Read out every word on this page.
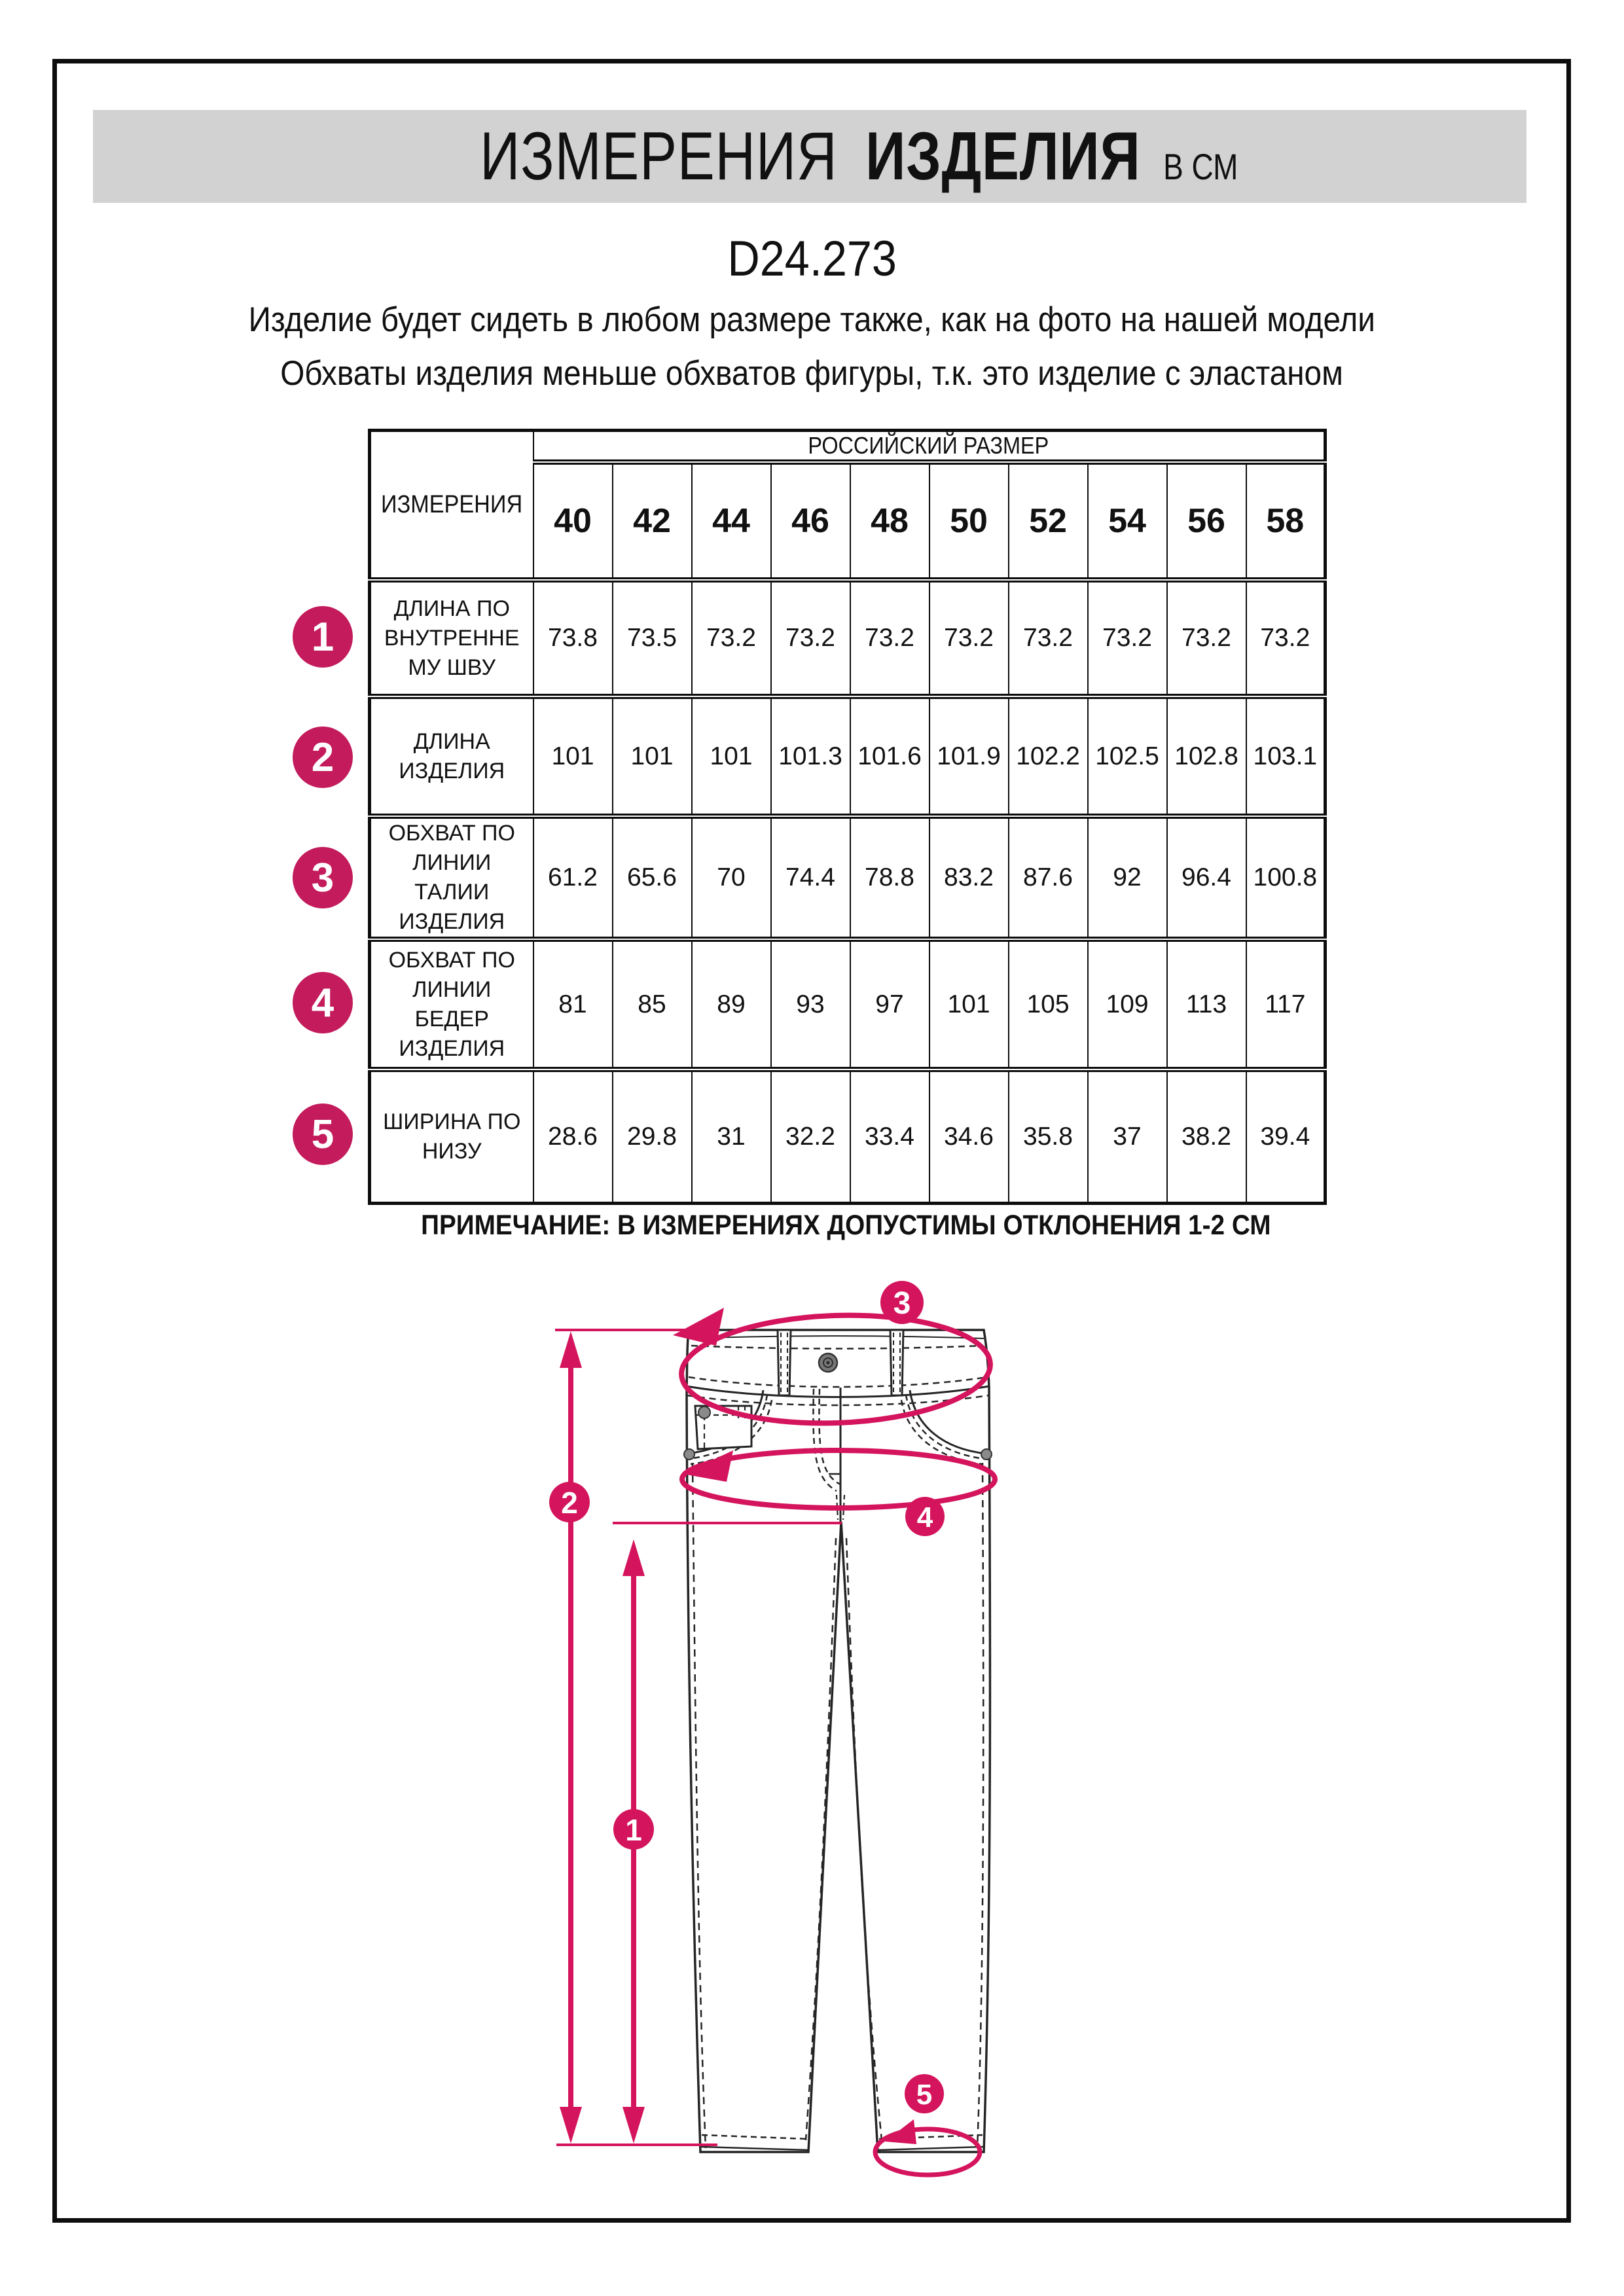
ИЗМЕРЕНИЯ ИЗДЕЛИЯ В СМ
D24.273
Изделие будет сидеть в любом размере также, как на фото на нашей модели
Обхваты изделия меньше обхватов фигуры, т.к. это изделие с эластаном
ИЗМЕРЕНИЯ	РОССИЙСКИЙ РАЗМЕР									
	40	42	44	46	48	50	52	54	56	58

ДЛИНА ПО
ВНУТРЕННЕ
МУ ШВУ	73.8	73.5	73.2	73.2	73.2	73.2	73.2	73.2	73.2	73.2

ДЛИНА
ИЗДЕЛИЯ	101	101	101	101.3	101.6	101.9	102.2	102.5	102.8	103.1

ОБХВАТ ПО
ЛИНИИ
ТАЛИИ
ИЗДЕЛИЯ	61.2	65.6	70	74.4	78.8	83.2	87.6	92	96.4	100.8

ОБХВАТ ПО
ЛИНИИ
БЕДЕР
ИЗДЕЛИЯ	81	85	89	93	97	101	105	109	113	117

ШИРИНА ПО
НИЗУ	28.6	29.8	31	32.2	33.4	34.6	35.8	37	38.2	39.4
1
2
3
4
5
ПРИМЕЧАНИЕ: В ИЗМЕРЕНИЯХ ДОПУСТИМЫ ОТКЛОНЕНИЯ 1-2 СМ
3
4
2
1
5
